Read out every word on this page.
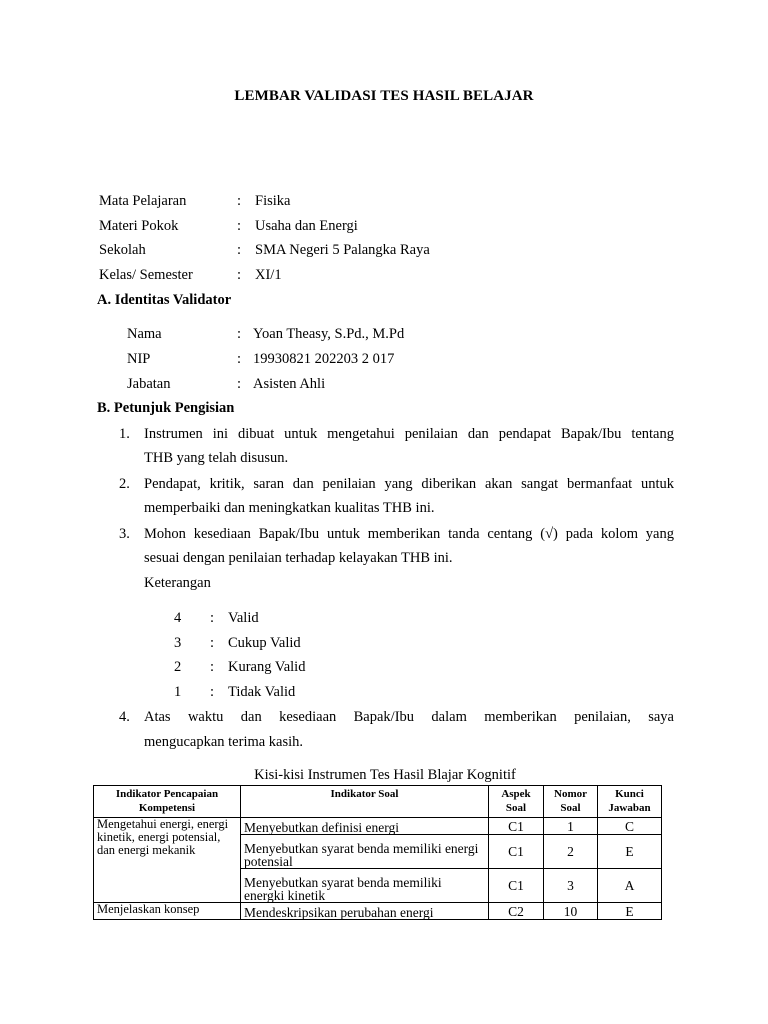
LEMBAR VALIDASI TES HASIL BELAJAR
Mata Pelajaran	: Fisika
Materi Pokok	: Usaha dan Energi
Sekolah	: SMA Negeri 5 Palangka Raya
Kelas/ Semester	: XI/1
A. Identitas Validator
Nama	: Yoan Theasy, S.Pd., M.Pd
NIP	: 19930821 202203 2 017
Jabatan	: Asisten Ahli
B. Petunjuk Pengisian
1. Instrumen ini dibuat untuk mengetahui penilaian dan pendapat Bapak/Ibu tentang
THB yang telah disusun.
2. Pendapat, kritik, saran dan penilaian yang diberikan akan sangat bermanfaat untuk
memperbaiki dan meningkatkan kualitas THB ini.
3. Mohon kesediaan Bapak/Ibu untuk memberikan tanda centang (√) pada kolom yang
sesuai dengan penilaian terhadap kelayakan THB ini.
Keterangan
4 : Valid
3 : Cukup Valid
2 : Kurang Valid
1 : Tidak Valid
4. Atas waktu dan kesediaan Bapak/Ibu dalam memberikan penilaian, saya
mengucapkan terima kasih.
Kisi-kisi Instrumen Tes Hasil Blajar Kognitif
Indikator Pencapaian Kompetensi	Indikator Soal	Aspek Soal	Nomor Soal	Kunci Jawaban
Mengetahui energi, energi kinetik, energi potensial, dan energi mekanik	Menyebutkan definisi energi	C1	1	C
	Menyebutkan syarat benda memiliki energi potensial	C1	2	E
	Menyebutkan syarat benda memiliki energki kinetik	C1	3	A
Menjelaskan konsep	Mendeskripsikan perubahan energi	C2	10	E
